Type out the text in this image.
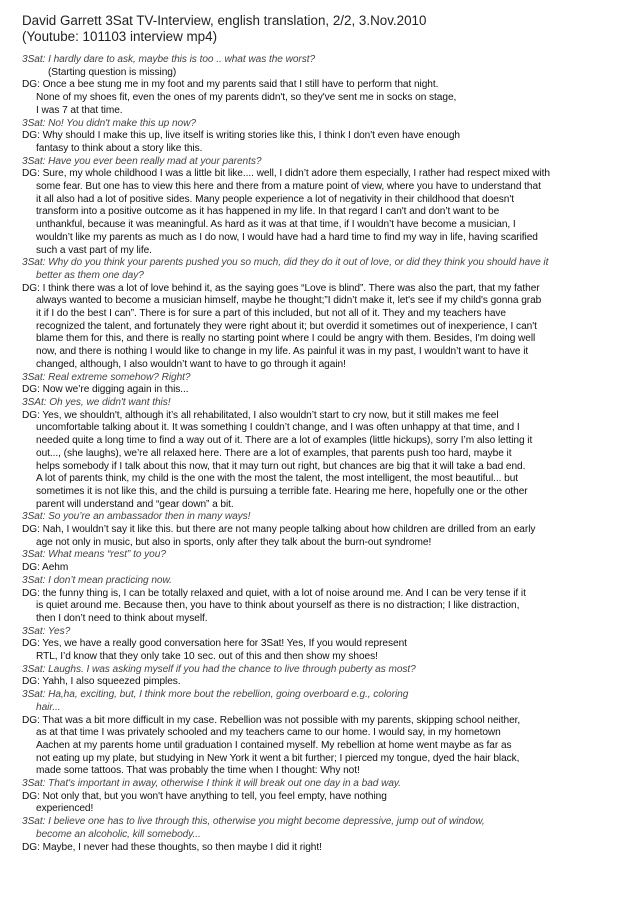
David Garrett 3Sat TV-Interview, english translation, 2/2, 3.Nov.2010
(Youtube: 101103 interview mp4)
3Sat: I hardly dare to ask, maybe this is too .. what was the worst?
(Starting question is missing)
DG: Once a bee stung me in my foot and my parents said that I still have to perform that night.
None of my shoes fit, even the ones of my parents didn't, so they've sent me in socks on stage,
I was 7 at that time.
3Sat: No! You didn't make this up now?
DG: Why should I make this up, live itself is writing stories like this, I think I don't even have enough
fantasy to think about a story like this.
3Sat: Have you ever been really mad at your parents?
DG: Sure, my whole childhood I was a little bit like.... well, I didn’t adore them especially, I rather had respect mixed with
some fear. But one has to view this here and there from a mature point of view, where you have to understand that
it all also had a lot of positive sides. Many people experience a lot of negativity in their childhood that doesn't
transform into a positive outcome as it has happened in my life. In that regard I can't and don’t want to be
unthankful, because it was meaningful. As hard as it was at that time, if I wouldn’t have become a musician, I
wouldn’t like my parents as much as I do now, I would have had a hard time to find my way in life, having scarified
such a vast part of my life.
3Sat: Why do you think your parents pushed you so much, did they do it out of love, or did they think you should have it
better as them one day?
DG: I think there was a lot of love behind it, as the saying goes “Love is blind”. There was also the part, that my father
always wanted to become a musician himself, maybe he thought;”I didn’t make it, let's see if my child's gonna grab
it if I do the best I can”. There is for sure a part of this included, but not all of it. They and my teachers have
recognized the talent, and fortunately they were right about it; but overdid it sometimes out of inexperience, I can't
blame them for this, and there is really no starting point where I could be angry with them. Besides, I'm doing well
now, and there is nothing I would like to change in my life. As painful it was in my past, I wouldn’t want to have it
changed, although, I also wouldn’t want to have to go through it again!
3Sat: Real extreme somehow? Right?
DG: Now we’re digging again in this...
3SAt: Oh yes, we didn't want this!
DG: Yes, we shouldn't, although it’s all rehabilitated, I also wouldn’t start to cry now, but it still makes me feel
uncomfortable talking about it. It was something I couldn’t change, and I was often unhappy at that time, and I
needed quite a long time to find a way out of it. There are a lot of examples (little hickups), sorry I’m also letting it
out..., (she laughs), we’re all relaxed here. There are a lot of examples, that parents push too hard, maybe it
helps somebody if I talk about this now, that it may turn out right, but chances are big that it will take a bad end.
A lot of parents think, my child is the one with the most the talent, the most intelligent, the most beautiful... but
sometimes it is not like this, and the child is pursuing a terrible fate. Hearing me here, hopefully one or the other
parent will understand and “gear down” a bit.
3Sat: So you’re an ambassador then in many ways!
DG: Nah, I wouldn’t say it like this. but there are not many people talking about how children are drilled from an early
age not only in music, but also in sports, only after they talk about the burn-out syndrome!
3Sat: What means “rest” to you?
DG: Aehm
3Sat: I don’t mean practicing now.
DG: the funny thing is, I can be totally relaxed and quiet, with a lot of noise around me. And I can be very tense if it
is quiet around me. Because then, you have to think about yourself as there is no distraction; I like distraction,
then I don’t need to think about myself.
3Sat: Yes?
DG: Yes, we have a really good conversation here for 3Sat! Yes, If you would represent
RTL, I’d know that they only take 10 sec. out of this and then show my shoes!
3Sat: Laughs. I was asking myself if you had the chance to live through puberty as most?
DG: Yahh, I also squeezed pimples.
3Sat: Ha,ha, exciting, but, I think more bout the rebellion, going overboard e.g., coloring
hair...
DG: That was a bit more difficult in my case. Rebellion was not possible with my parents, skipping school neither,
as at that time I was privately schooled and my teachers came to our home. I would say, in my hometown
Aachen at my parents home until graduation I contained myself. My rebellion at home went maybe as far as
not eating up my plate, but studying in New York it went a bit further; I pierced my tongue, dyed the hair black,
made some tattoos. That was probably the time when I thought: Why not!
3Sat: That's important in away, otherwise I think it will break out one day in a bad way.
DG: Not only that, but you won't have anything to tell, you feel empty, have nothing
experienced!
3Sat: I believe one has to live through this, otherwise you might become depressive, jump out of window,
become an alcoholic, kill somebody...
DG: Maybe, I never had these thoughts, so then maybe I did it right!
